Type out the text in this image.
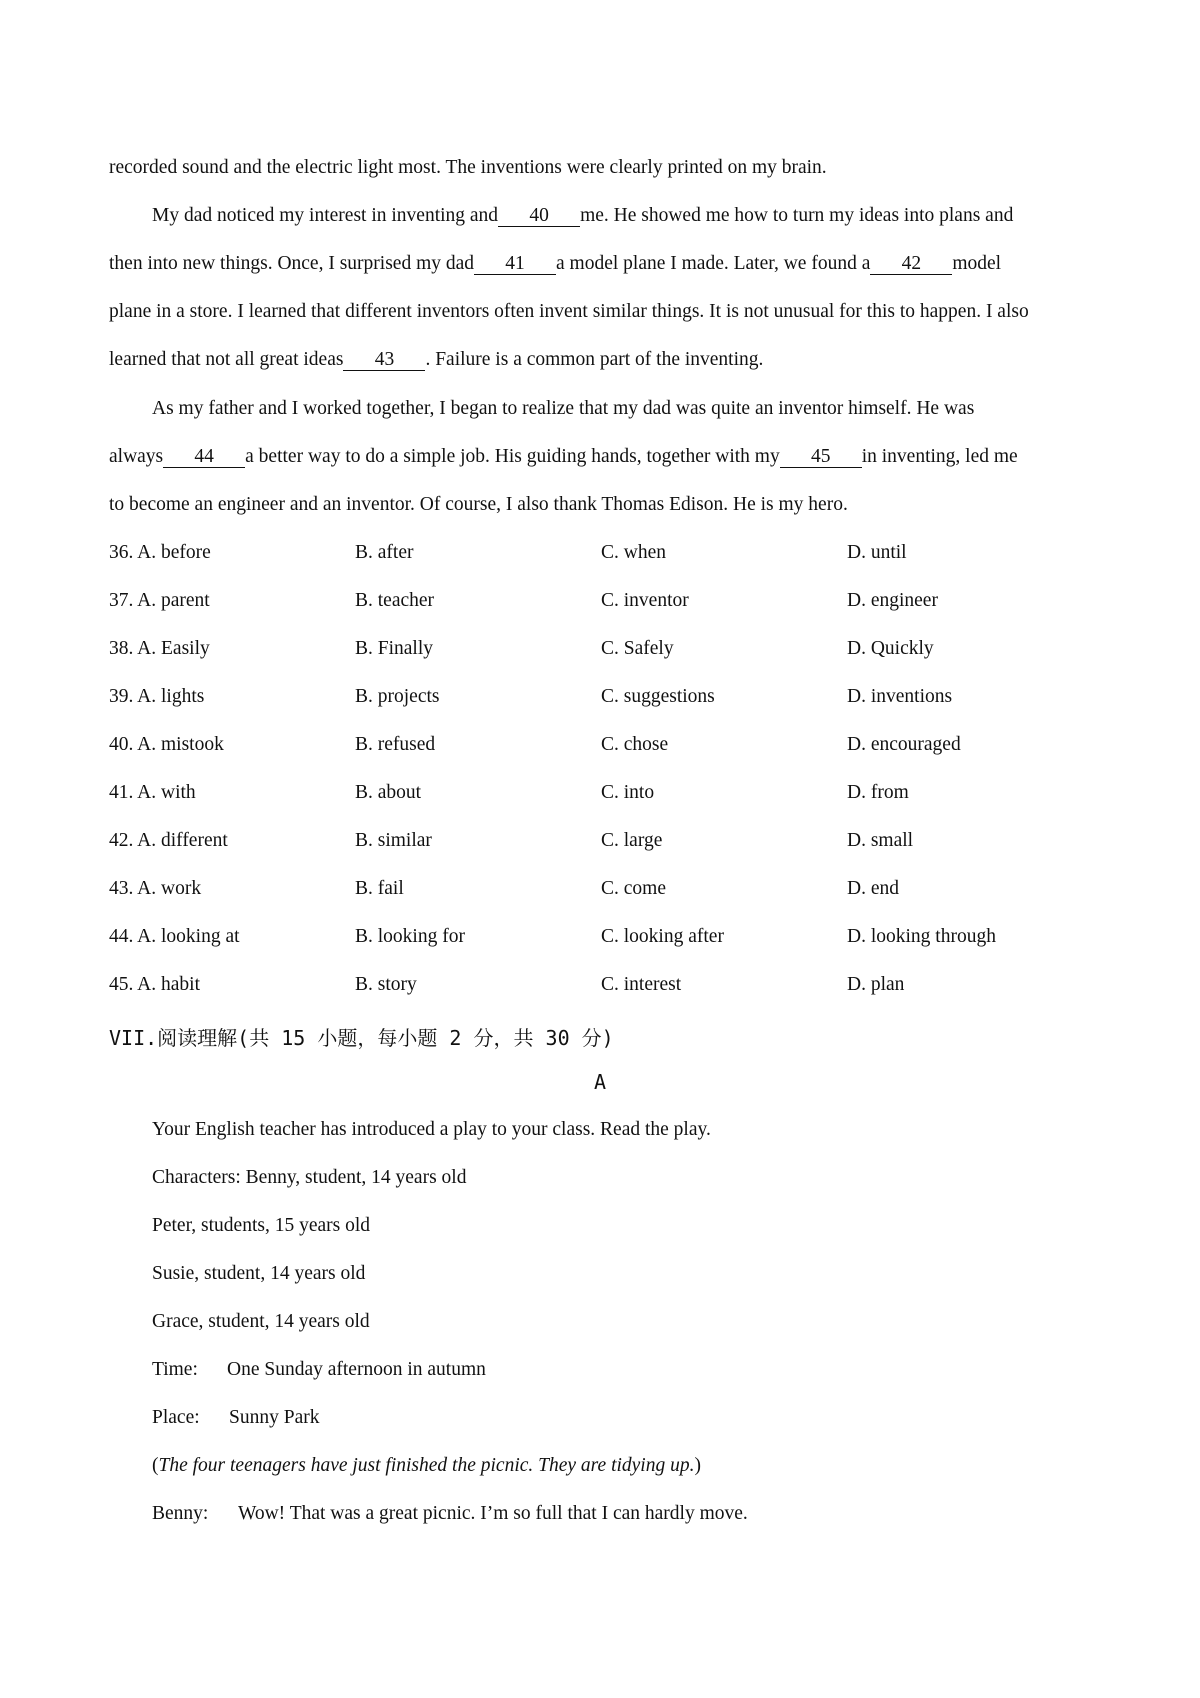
recorded sound and the electric light most. The inventions were clearly printed on my brain.
My dad noticed my interest in inventing and 40 me. He showed me how to turn my ideas into plans and
then into new things. Once, I surprised my dad 41 a model plane I made. Later, we found a 42 model
plane in a store. I learned that different inventors often invent similar things. It is not unusual for this to happen. I also
learned that not all great ideas 43 . Failure is a common part of the inventing.
As my father and I worked together, I began to realize that my dad was quite an inventor himself. He was
always 44 a better way to do a simple job. His guiding hands, together with my 45 in inventing, led me
to become an engineer and an inventor. Of course, I also thank Thomas Edison. He is my hero.
36. A. before	B. after	C. when	D. until
37. A. parent	B. teacher	C. inventor	D. engineer
38. A. Easily	B. Finally	C. Safely	D. Quickly
39. A. lights	B. projects	C. suggestions	D. inventions
40. A. mistook	B. refused	C. chose	D. encouraged
41. A. with	B. about	C. into	D. from
42. A. different	B. similar	C. large	D. small
43. A. work	B. fail	C. come	D. end
44. A. looking at	B. looking for	C. looking after	D. looking through
45. A. habit	B. story	C. interest	D. plan
VII.阅读理解(共 15 小题，每小题 2 分，共 30 分)
A
Your English teacher has introduced a play to your class. Read the play.
Characters: Benny, student, 14 years old
Peter, students, 15 years old
Susie, student, 14 years old
Grace, student, 14 years old
Time: One Sunday afternoon in autumn
Place: Sunny Park
(The four teenagers have just finished the picnic. They are tidying up.)
Benny: Wow! That was a great picnic. I’m so full that I can hardly move.
